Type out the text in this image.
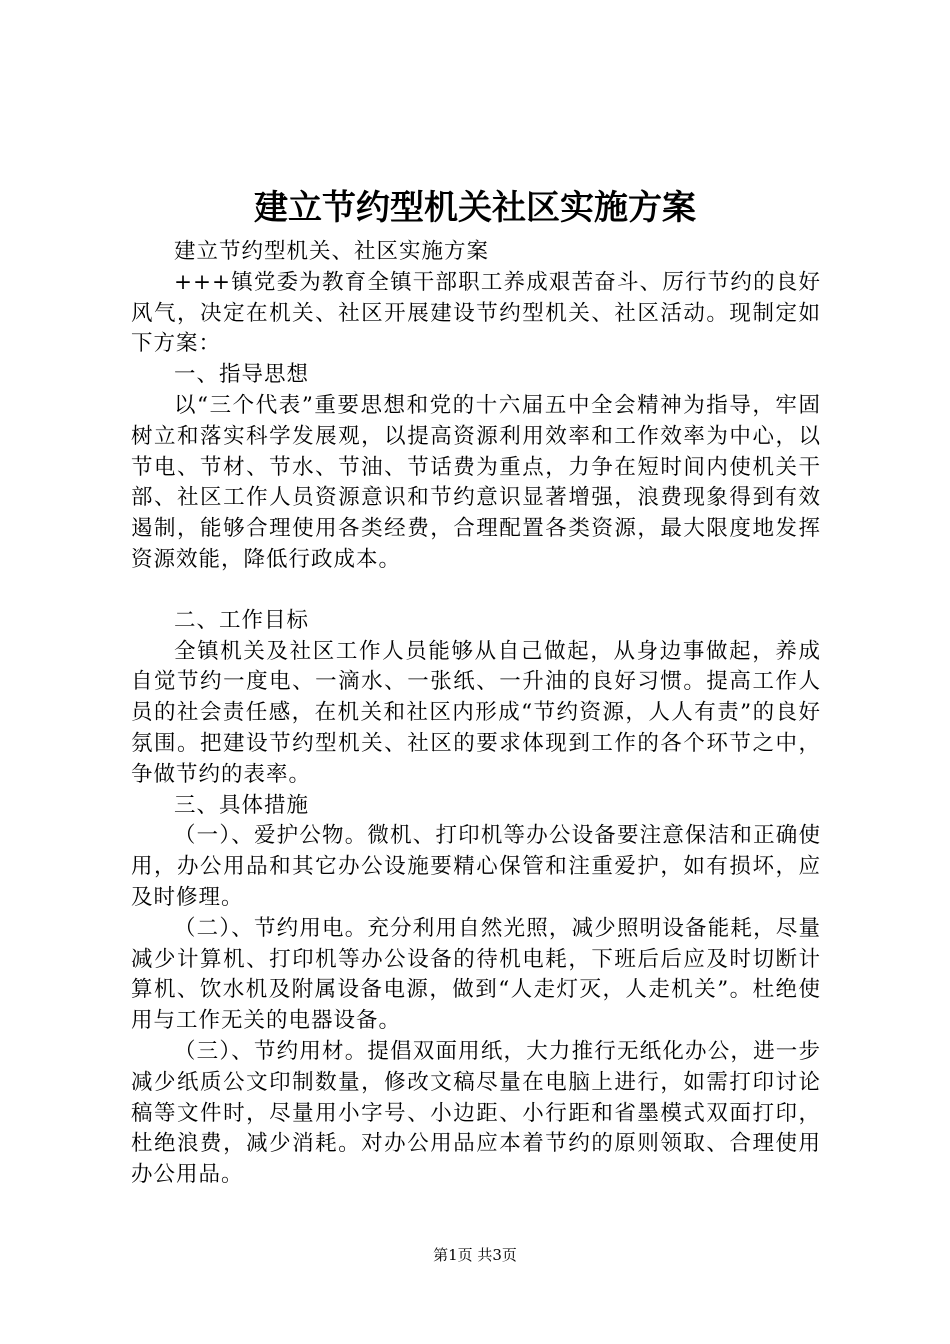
建立节约型机关社区实施方案

建立节约型机关、社区实施方案

+++镇党委为教育全镇干部职工养成艰苦奋斗、厉行节约的良好风气，决定在机关、社区开展建设节约型机关、社区活动。现制定如下方案：

一、指导思想

以“三个代表”重要思想和党的十六届五中全会精神为指导，牢固树立和落实科学发展观，以提高资源利用效率和工作效率为中心，以节电、节材、节水、节油、节话费为重点，力争在短时间内使机关干部、社区工作人员资源意识和节约意识显著增强，浪费现象得到有效遏制，能够合理使用各类经费，合理配置各类资源，最大限度地发挥资源效能，降低行政成本。

二、工作目标

全镇机关及社区工作人员能够从自己做起，从身边事做起，养成自觉节约一度电、一滴水、一张纸、一升油的良好习惯。提高工作人员的社会责任感，在机关和社区内形成“节约资源，人人有责”的良好氛围。把建设节约型机关、社区的要求体现到工作的各个环节之中，争做节约的表率。

三、具体措施

（一）、爱护公物。微机、打印机等办公设备要注意保洁和正确使用，办公用品和其它办公设施要精心保管和注重爱护，如有损坏，应及时修理。

（二）、节约用电。充分利用自然光照，减少照明设备能耗，尽量减少计算机、打印机等办公设备的待机电耗，下班后后应及时切断计算机、饮水机及附属设备电源，做到“人走灯灭，人走机关”。杜绝使用与工作无关的电器设备。

（三）、节约用材。提倡双面用纸，大力推行无纸化办公，进一步减少纸质公文印制数量，修改文稿尽量在电脑上进行，如需打印讨论稿等文件时，尽量用小字号、小边距、小行距和省墨模式双面打印，杜绝浪费，减少消耗。对办公用品应本着节约的原则领取、合理使用办公用品。

第1页 共3页
